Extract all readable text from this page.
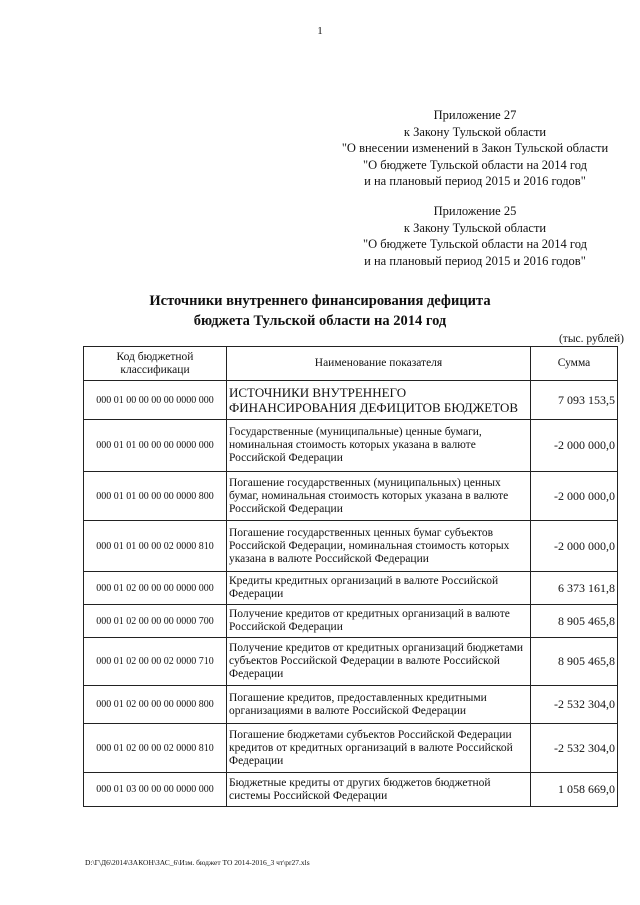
1
Приложение 27
к Закону Тульской области
"О внесении изменений в Закон Тульской области
"О бюджете Тульской области на 2014 год
и на плановый период 2015 и 2016 годов"
Приложение 25
к Закону Тульской области
"О бюджете Тульской области на 2014 год
и на плановый период 2015 и 2016 годов"
Источники внутреннего финансирования дефицита
бюджета Тульской области на 2014 год
(тыс. рублей)
Код бюджетной классификаци	Наименование показателя	Сумма
000 01 00 00 00 00 0000 000	ИСТОЧНИКИ ВНУТРЕННЕГО ФИНАНСИРОВАНИЯ ДЕФИЦИТОВ БЮДЖЕТОВ	7 093 153,5
000 01 01 00 00 00 0000 000	Государственные (муниципальные) ценные бумаги, номинальная стоимость которых указана в валюте Российской Федерации	-2 000 000,0
000 01 01 00 00 00 0000 800	Погашение государственных (муниципальных) ценных бумаг, номинальная стоимость которых указана в валюте Российской Федерации	-2 000 000,0
000 01 01 00 00 02 0000 810	Погашение государственных ценных бумаг субъектов Российской Федерации, номинальная стоимость которых указана в валюте Российской Федерации	-2 000 000,0
000 01 02 00 00 00 0000 000	Кредиты кредитных организаций в валюте Российской Федерации	6 373 161,8
000 01 02 00 00 00 0000 700	Получение кредитов от кредитных организаций в валюте Российской Федерации	8 905 465,8
000 01 02 00 00 02 0000 710	Получение кредитов от кредитных организаций бюджетами субъектов Российской Федерации в валюте Российской Федерации	8 905 465,8
000 01 02 00 00 00 0000 800	Погашение кредитов, предоставленных кредитными организациями в валюте Российской Федерации	-2 532 304,0
000 01 02 00 00 02 0000 810	Погашение бюджетами субъектов Российской Федерации кредитов от кредитных организаций в валюте Российской Федерации	-2 532 304,0
000 01 03 00 00 00 0000 000	Бюджетные кредиты от других бюджетов бюджетной системы Российской Федерации	1 058 669,0
D:\Г\Д6\2014\ЗАКОН\ЗАС_6\Изм. бюджет ТО 2014-2016_3 чт\pr27.xls
